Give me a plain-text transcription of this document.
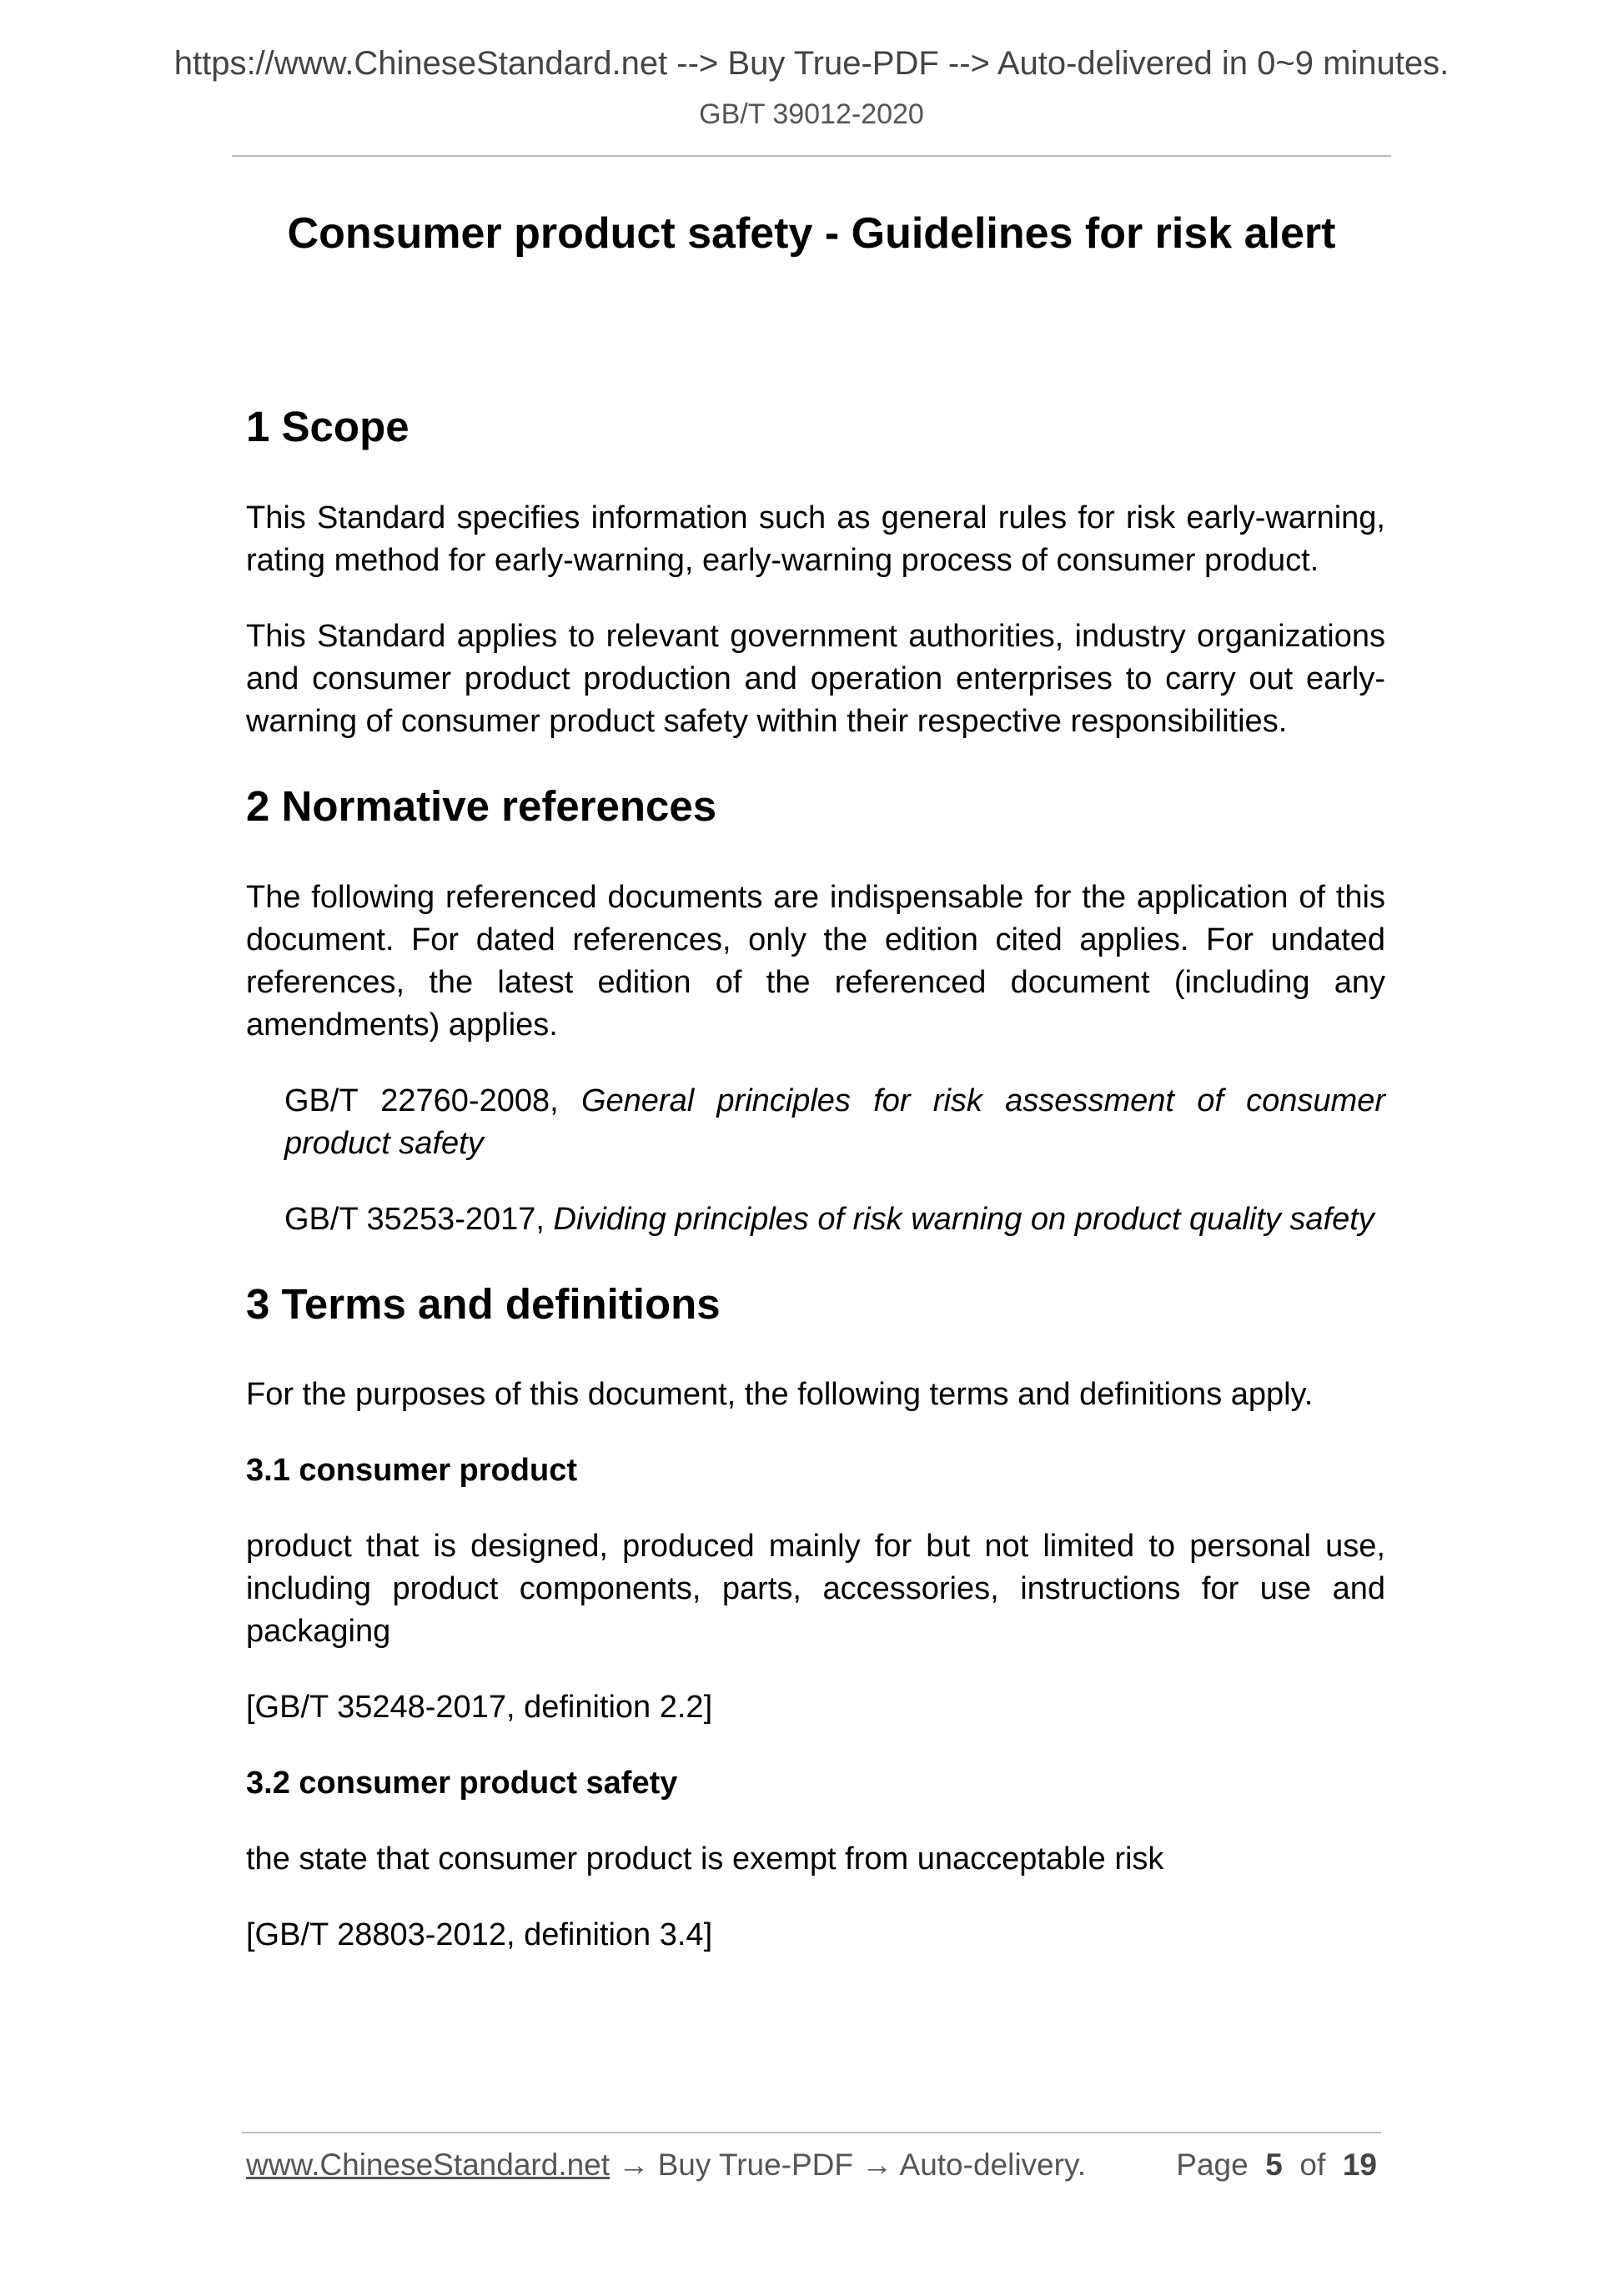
https://www.ChineseStandard.net --> Buy True-PDF --> Auto-delivered in 0~9 minutes.
GB/T 39012-2020
Consumer product safety - Guidelines for risk alert
1 Scope

This Standard specifies information such as general rules for risk early-warning, rating method for early-warning, early-warning process of consumer product.

This Standard applies to relevant government authorities, industry organizations and consumer product production and operation enterprises to carry out early-warning of consumer product safety within their respective responsibilities.

2 Normative references

The following referenced documents are indispensable for the application of this document. For dated references, only the edition cited applies. For undated references, the latest edition of the referenced document (including any amendments) applies.

GB/T 22760-2008, General principles for risk assessment of consumer product safety

GB/T 35253-2017, Dividing principles of risk warning on product quality safety

3 Terms and definitions

For the purposes of this document, the following terms and definitions apply.

3.1 consumer product

product that is designed, produced mainly for but not limited to personal use, including product components, parts, accessories, instructions for use and packaging

[GB/T 35248-2017, definition 2.2]

3.2 consumer product safety

the state that consumer product is exempt from unacceptable risk

[GB/T 28803-2012, definition 3.4]

www.ChineseStandard.net → Buy True-PDF → Auto-delivery.	Page 5 of 19
